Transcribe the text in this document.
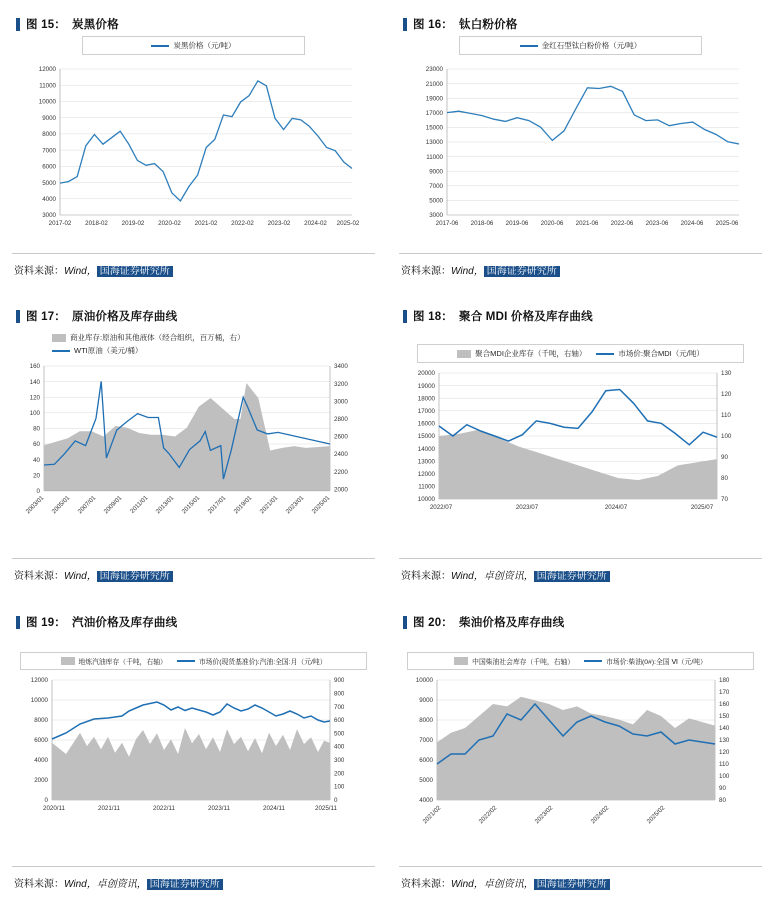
图 15： 炭黑价格
炭黑价格（元/吨）
12000
11000
10000
9000
8000
7000
6000
5000
4000
3000
2017-02 2018-02 2019-02 2020-02 2021-02 2022-02 2023-02 2024-02 2025-02
资料来源：Wind， 国海证券研究所
图 16： 钛白粉价格
金红石型钛白粉价格（元/吨）
23000
21000
19000
17000
15000
13000
11000
9000
7000
5000
3000
2017-06 2018-06 2019-06 2020-06 2021-06 2022-06 2023-06 2024-06 2025-06
资料来源：Wind， 国海证券研究所
图 17： 原油价格及库存曲线
商业库存:原油和其他液体（经合组织，百万桶，右）
WTI原油（美元/桶）
160
140
120
100
80
60
40
20
0
3400
3200
3000
2800
2600
2400
2200
2000
2003/01 2005/01 2007/01 2009/01 2011/01 2013/01 2015/01 2017/01 2019/01 2021/01 2023/01 2025/01
资料来源：Wind， 国海证券研究所
图 18： 聚合 MDI 价格及库存曲线
聚合MDI企业库存（千吨，右轴）	市场价:聚合MDI（元/吨）
20000
19000
18000
17000
16000
15000
14000
13000
12000
11000
10000
130
120
110
100
90
80
70
2022/07	2023/07	2024/07	2025/07
资料来源：Wind，卓创资讯， 国海证券研究所
图 19： 汽油价格及库存曲线
地炼汽油库存（千吨，右轴）	市场价(现货基准价):汽油:全国:月（元/吨）
12000
10000
8000
6000
4000
2000
0
900
800
700
600
500
400
300
200
100
0
2020/11	2021/11	2022/11	2023/11	2024/11	2025/11
资料来源：Wind，卓创资讯， 国海证券研究所
图 20： 柴油价格及库存曲线
中国柴油社会库存（千吨，右轴）	市场价:柴油(0#):全国 Ⅵ（元/吨）
10000
9000
8000
7000
6000
5000
4000
180
170
160
150
140
130
120
110
100
90
80
2021/02	2022/02	2023/02	2024/02	2025/02
资料来源：Wind，卓创资讯， 国海证券研究所
